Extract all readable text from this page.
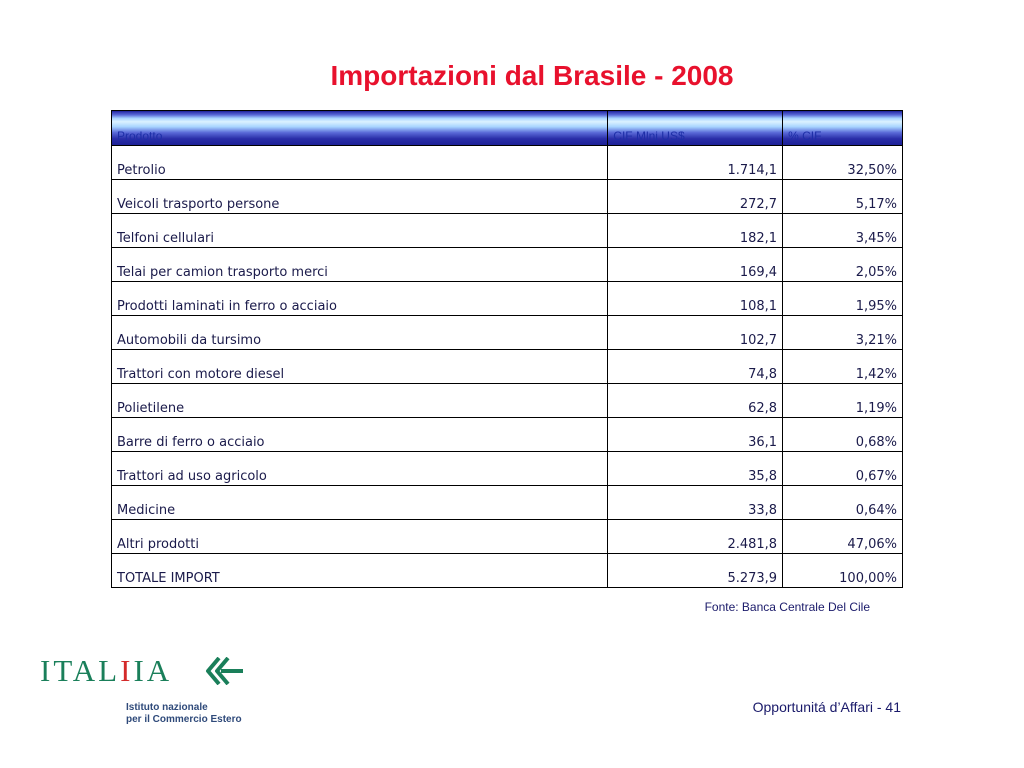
Importazioni dal Brasile - 2008
Prodotto	CIF Mlni US$	% CIF
Petrolio	1.714,1	32,50%
Veicoli trasporto persone	272,7	5,17%
Telfoni cellulari	182,1	3,45%
Telai per camion trasporto merci	169,4	2,05%
Prodotti laminati in ferro o acciaio	108,1	1,95%
Automobili da tursimo	102,7	3,21%
Trattori con motore diesel	74,8	1,42%
Polietilene	62,8	1,19%
Barre di ferro o acciaio	36,1	0,68%
Trattori ad uso agricolo	35,8	0,67%
Medicine	33,8	0,64%
Altri prodotti	2.481,8	47,06%
TOTALE IMPORT	5.273,9	100,00%
Fonte: Banca Centrale Del Cile
ITALIIA
Istituto nazionale
per il Commercio Estero
Opportunitá d’Affari - 41
